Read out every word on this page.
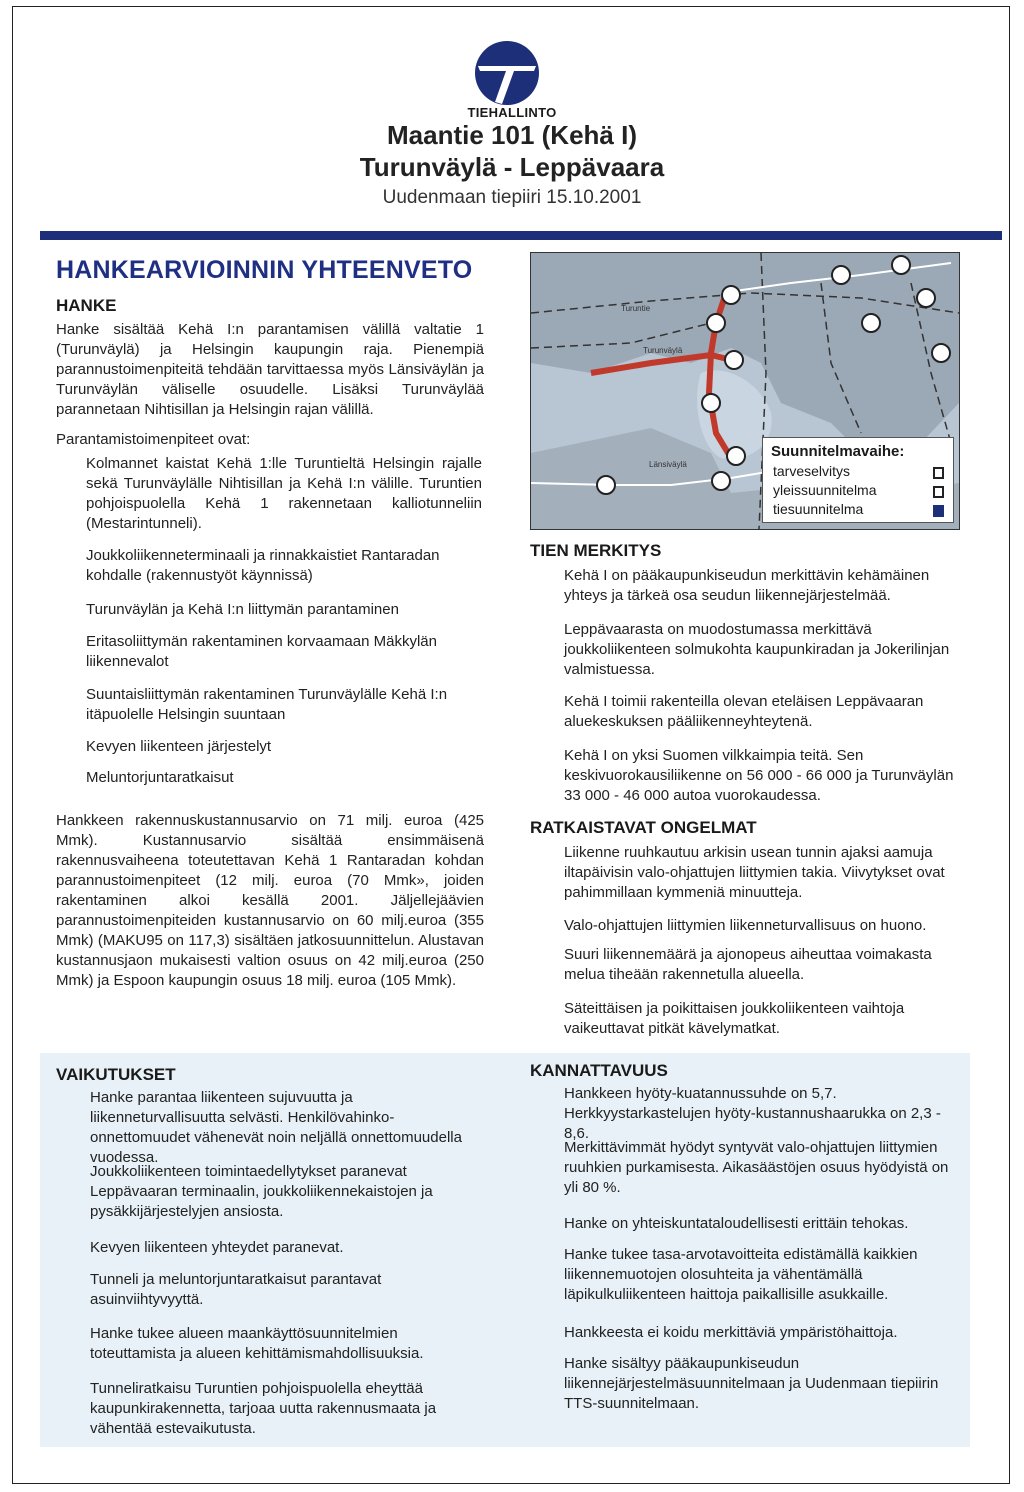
TIEHALLINTO
Maantie 101 (Kehä I)
Turunväylä - Leppävaara
Uudenmaan tiepiiri 15.10.2001
HANKEARVIOINNIN YHTEENVETO
HANKE

Hanke sisältää Kehä I:n parantamisen välillä valtatie 1 (Turunväylä) ja Helsingin kaupungin raja. Pienempiä parannustoimenpiteitä tehdään tarvittaessa myös Länsiväylän ja Turunväylän väliselle osuudelle. Lisäksi Turunväylää parannetaan Nihtisillan ja Helsingin rajan välillä.

Parantamistoimenpiteet ovat:

Kolmannet kaistat Kehä 1:lle Turuntieltä Helsingin rajalle sekä Turunväylälle Nihtisillan ja Kehä I:n välille. Turuntien pohjoispuolella Kehä 1 rakennetaan kalliotunneliin (Mestarintunneli).

Joukkoliikenneterminaali ja rinnakkaistiet Rantaradan kohdalle (rakennustyöt käynnissä)

Turunväylän ja Kehä I:n liittymän parantaminen

Eritasoliittymän rakentaminen korvaamaan Mäkkylän liikennevalot

Suuntaisliittymän rakentaminen Turunväylälle Kehä I:n itäpuolelle Helsingin suuntaan

Kevyen liikenteen järjestelyt

Meluntorjuntaratkaisut

Hankkeen rakennuskustannusarvio on 71 milj. euroa (425 Mmk). Kustannusarvio sisältää ensimmäisenä rakennusvaiheena toteutettavan Kehä 1 Rantaradan kohdan parannustoimenpiteet (12 milj. euroa (70 Mmk», joiden rakentaminen alkoi kesällä 2001. Jäljellejäävien parannustoimenpiteiden kustannusarvio on 60 milj.euroa (355 Mmk) (MAKU95 on 117,3) sisältäen jatkosuunnittelun. Alustavan kustannusjaon mukaisesti valtion osuus on 42 milj.euroa (250 Mmk) ja Espoon kaupungin osuus 18 milj. euroa (105 Mmk).

Turuntie
Turunväylä
Länsiväylä
Suunnitelmavaihe:
tarveselvitys
yleissuunnitelma
tiesuunnitelma
TIEN MERKITYS

Kehä I on pääkaupunkiseudun merkittävin kehämäinen yhteys ja tärkeä osa seudun liikennejärjestelmää.

Leppävaarasta on muodostumassa merkittävä joukkoliikenteen solmukohta kaupunkiradan ja Jokerilinjan valmistuessa.

Kehä I toimii rakenteilla olevan eteläisen Leppävaaran aluekeskuksen pääliikenneyhteytenä.

Kehä I on yksi Suomen vilkkaimpia teitä. Sen keskivuorokausiliikenne on 56 000 - 66 000 ja Turunväylän 33 000 - 46 000 autoa vuorokaudessa.

RATKAISTAVAT ONGELMAT

Liikenne ruuhkautuu arkisin usean tunnin ajaksi aamuja iltapäivisin valo-ohjattujen liittymien takia. Viivytykset ovat pahimmillaan kymmeniä minuutteja.

Valo-ohjattujen liittymien liikenneturvallisuus on huono.

Suuri liikennemäärä ja ajonopeus aiheuttaa voimakasta melua tiheään rakennetulla alueella.

Säteittäisen ja poikittaisen joukkoliikenteen vaihtoja vaikeuttavat pitkät kävelymatkat.

VAIKUTUKSET

Hanke parantaa liikenteen sujuvuutta ja liikenneturvallisuutta selvästi. Henkilövahinko-onnettomuudet vähenevät noin neljällä onnettomuudella vuodessa.

Joukkoliikenteen toimintaedellytykset paranevat Leppävaaran terminaalin, joukkoliikennekaistojen ja pysäkkijärjestelyjen ansiosta.

Kevyen liikenteen yhteydet paranevat.

Tunneli ja meluntorjuntaratkaisut parantavat asuinviihtyvyyttä.

Hanke tukee alueen maankäyttösuunnitelmien toteuttamista ja alueen kehittämismahdollisuuksia.

Tunneliratkaisu Turuntien pohjoispuolella eheyttää kaupunkirakennetta, tarjoaa uutta rakennusmaata ja vähentää estevaikutusta.

KANNATTAVUUS

Hankkeen hyöty-kuatannussuhde on 5,7. Herkkyystarkastelujen hyöty-kustannushaarukka on 2,3 - 8,6.

Merkittävimmät hyödyt syntyvät valo-ohjattujen liittymien ruuhkien purkamisesta. Aikasäästöjen osuus hyödyistä on yli 80 %.

Hanke on yhteiskuntataloudellisesti erittäin tehokas.

Hanke tukee tasa-arvotavoitteita edistämällä kaikkien liikennemuotojen olosuhteita ja vähentämällä läpikulkuliikenteen haittoja paikallisille asukkaille.

Hankkeesta ei koidu merkittäviä ympäristöhaittoja.

Hanke sisältyy pääkaupunkiseudun liikennejärjestelmäsuunnitelmaan ja Uudenmaan tiepiirin TTS-suunnitelmaan.
